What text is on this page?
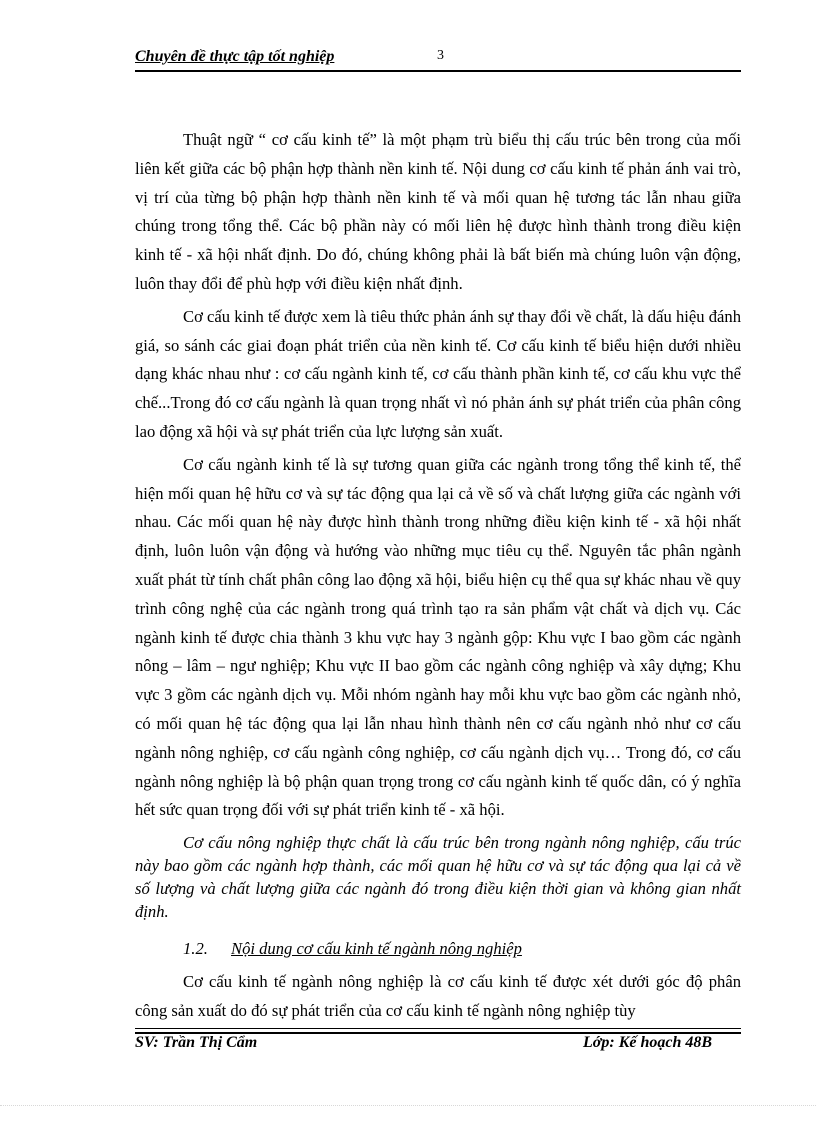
Chuyên đề thực tập tốt nghiệp	3

Thuật ngữ “ cơ cấu kinh tế” là một phạm trù biểu thị cấu trúc bên trong của mối liên kết giữa các bộ phận hợp thành nền kinh tế. Nội dung cơ cấu kinh tế phản ánh vai trò, vị trí của từng bộ phận hợp thành nền kinh tế và mối quan hệ tương tác lẫn nhau giữa chúng trong tổng thể. Các bộ phần này có mối liên hệ được hình thành trong điều kiện kinh tế - xã hội nhất định. Do đó, chúng không phải là bất biến mà chúng luôn vận động, luôn thay đổi để phù hợp với điều kiện nhất định.

Cơ cấu kinh tế được xem là tiêu thức phản ánh sự thay đổi về chất, là dấu hiệu đánh giá, so sánh các giai đoạn phát triển của nền kinh tế. Cơ cấu kinh tế biểu hiện dưới nhiều dạng khác nhau như : cơ cấu ngành kinh tế, cơ cấu thành phần kinh tế, cơ cấu khu vực thể chế...Trong đó cơ cấu ngành là quan trọng nhất vì nó phản ánh sự phát triển của phân công lao động xã hội và sự phát triển của lực lượng sản xuất.

Cơ cấu ngành kinh tế là sự tương quan giữa các ngành trong tổng thể kinh tế, thể hiện mối quan hệ hữu cơ và sự tác động qua lại cả về số và chất lượng giữa các ngành với nhau. Các mối quan hệ này được hình thành trong những điều kiện kinh tế - xã hội nhất định, luôn luôn vận động và hướng vào những mục tiêu cụ thể. Nguyên tắc phân ngành xuất phát từ tính chất phân công lao động xã hội, biểu hiện cụ thể qua sự khác nhau về quy trình công nghệ của các ngành trong quá trình tạo ra sản phẩm vật chất và dịch vụ. Các ngành kinh tế được chia thành 3 khu vực hay 3 ngành gộp: Khu vực I bao gồm các ngành nông – lâm – ngư nghiệp; Khu vực II bao gồm các ngành công nghiệp và xây dựng; Khu vực 3 gồm các ngành dịch vụ. Mỗi nhóm ngành hay mỗi khu vực bao gồm các ngành nhỏ, có mối quan hệ tác động qua lại lẫn nhau hình thành nên cơ cấu ngành nhỏ như cơ cấu ngành nông nghiệp, cơ cấu ngành công nghiệp, cơ cấu ngành dịch vụ… Trong đó, cơ cấu ngành nông nghiệp là bộ phận quan trọng trong cơ cấu ngành kinh tế quốc dân, có ý nghĩa hết sức quan trọng đối với sự phát triển kinh tế - xã hội.

Cơ cấu nông nghiệp thực chất là cấu trúc bên trong ngành nông nghiệp, cấu trúc này bao gồm các ngành hợp thành, các mối quan hệ hữu cơ và sự tác động qua lại cả về số lượng và chất lượng giữa các ngành đó trong điều kiện thời gian và không gian nhất định.

1.2. Nội dung cơ cấu kinh tế ngành nông nghiệp

Cơ cấu kinh tế ngành nông nghiệp là cơ cấu kinh tế được xét dưới góc độ phân công sản xuất do đó sự phát triển của cơ cấu kinh tế ngành nông nghiệp tùy

SV: Trần Thị Cẩm	Lớp: Kế hoạch 48B
